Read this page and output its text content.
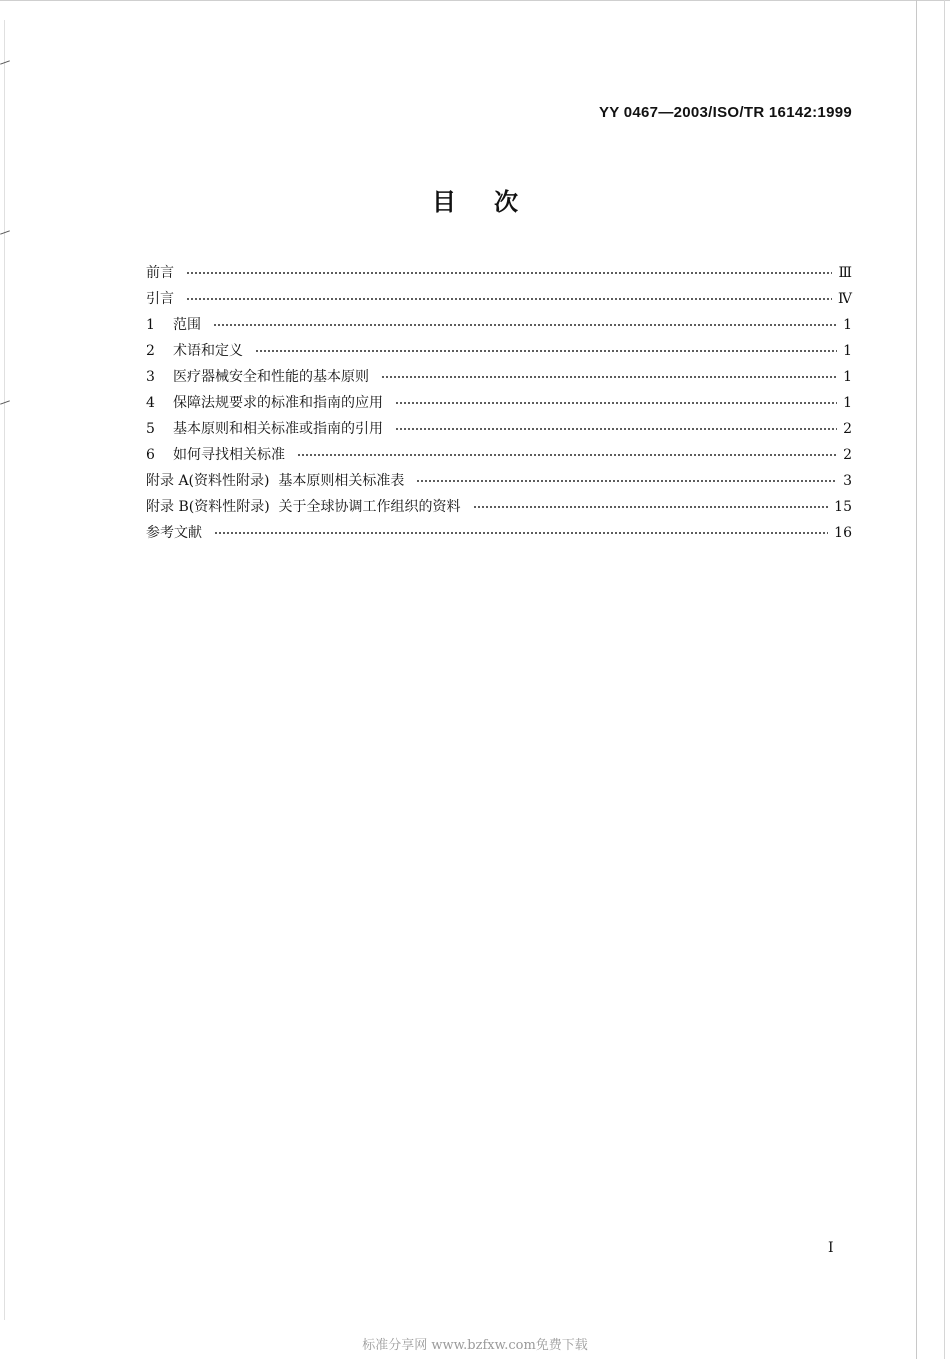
YY 0467—2003/ISO/TR 16142:1999
目次
前言	Ⅲ
引言	Ⅳ
1 范围	1
2 术语和定义	1
3 医疗器械安全和性能的基本原则	1
4 保障法规要求的标准和指南的应用	1
5 基本原则和相关标准或指南的引用	2
6 如何寻找相关标准	2
附录 A(资料性附录)  基本原则相关标准表	3
附录 B(资料性附录)  关于全球协调工作组织的资料	15
参考文献	16
I
标准分享网 www.bzfxw.com免费下载
